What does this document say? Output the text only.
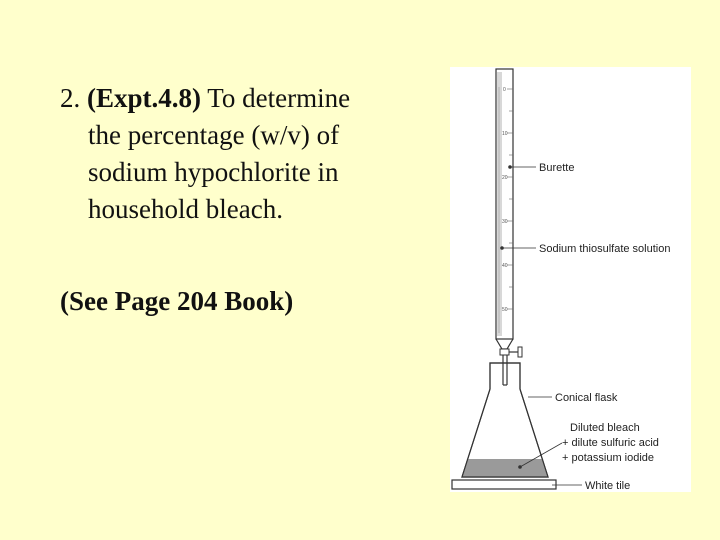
2. (Expt.4.8) To determine

the percentage (w/v) of

sodium hypochlorite in

household bleach.

(See Page 204 Book)
0
10
20
30
40
50
Burette
Sodium thiosulfate solution
Conical flask
Diluted bleach
+ dilute sulfuric acid
+ potassium iodide
White tile
